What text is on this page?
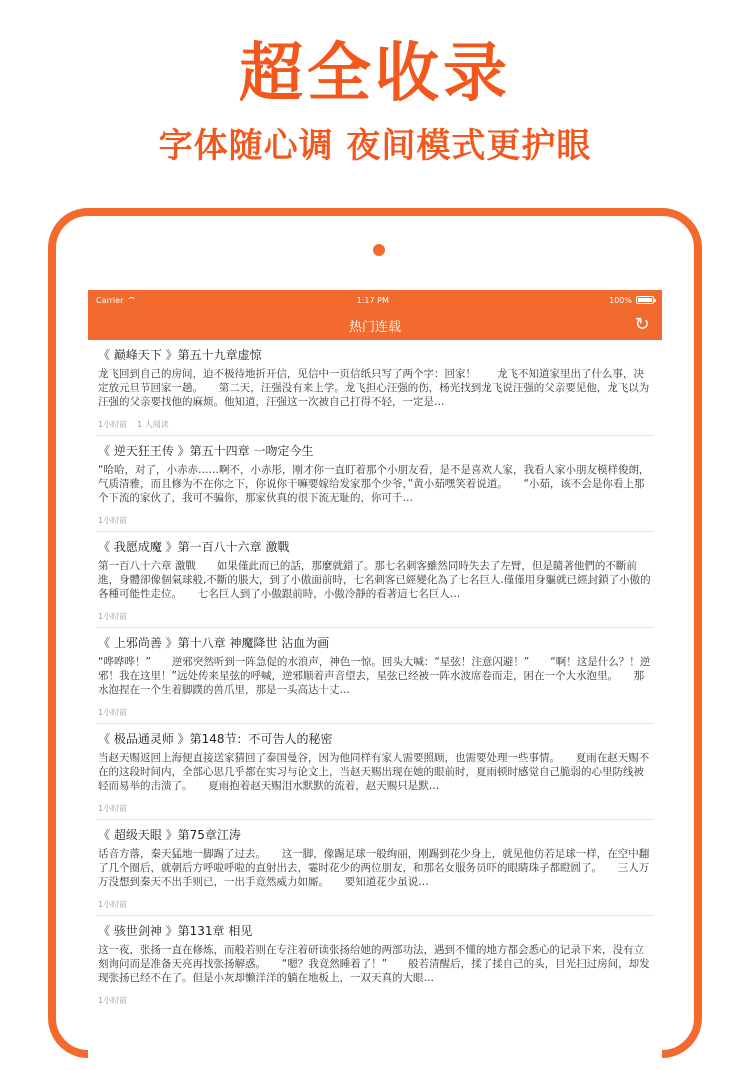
超全收录
字体随心调 夜间模式更护眼
Carrier	1:17 PM	100%
热门连载	↻
《 巅峰天下 》第五十九章虚惊
龙飞回到自己的房间，迫不极待地折开信，见信中一页信纸只写了两个字：回家！　　龙飞不知道家里出了什么事，决定放元旦节回家一趟。　　第二天，汪强没有来上学。龙飞担心汪强的伤，杨光找到龙飞说汪强的父亲要见他，龙飞以为汪强的父亲要找他的麻烦。他知道，汪强这一次被自己打得不轻，一定是…
1小时前 1 人阅读
《 逆天狂王传 》第五十四章 一吻定今生
“哈哈，对了，小赤赤……啊不，小赤彤，刚才你一直盯着那个小朋友看，是不是喜欢人家，我看人家小朋友模样俊朗，气质清雅，而且修为不在你之下，你说你干嘛要嫁给发家那个少爷，”黄小茹嘿笑着说道。　　“小茹，该不会是你看上那个下流的家伙了，我可不骗你，那家伙真的很下流无耻的，你可千…
1小时前
《 我愿成魔 》第一百八十六章 激戰
第一百八十六章 激戰　　如果僅此而已的話，那麼就錯了。那七名刺客雖然同時失去了左臂，但是隨著他們的不斷前進，身體卻像個氣球般,不斷的脹大，到了小傲面前時，七名刺客已經變化為了七名巨人.僅僅用身軀就已經封鎖了小傲的各種可能性走位。　　七名巨人到了小傲跟前時，小傲冷靜的看著這七名巨人…
1小时前
《 上邪尚善 》第十八章 神魔降世 沾血为画
“哗哗哗！”　　逆邪突然听到一阵急促的水浪声，神色一惊。回头大喊：“星弦！注意闪避！”　　“啊！这是什么？！逆邪！我在这里！”远处传来星弦的呼喊，逆邪顺着声音望去，星弦已经被一阵水波席卷而走，困在一个大水泡里。　　那水泡捏在一个生着脚蹼的兽爪里，那是一头高达十丈…
1小时前
《 极品通灵师 》第148节：不可告人的秘密
当赵天赐返回上海便直接送家猜回了泰国曼谷，因为他同样有家人需要照顾，也需要处理一些事情。　　夏雨在赵天赐不在的这段时间内，全部心思几乎都在实习与论文上，当赵天赐出现在她的眼前时，夏雨顿时感觉自己脆弱的心里防线被轻而易举的击溃了。　　夏雨抱着赵天赐泪水默默的流着，赵天赐只是默…
1小时前
《 超级天眼 》第75章江涛
话音方落，秦天猛地一脚踢了过去。　　这一脚，像踢足球一般绚丽，刚踢到花少身上，就见他仿若足球一样，在空中翻了几个圈后，就朝后方呼啦呼啦的直射出去，霎时花少的两位朋友，和那名女服务员吓的眼睛珠子都瞪圆了。　　三人万万没想到秦天不出手则已，一出手竟然威力如厮。　　要知道花少虽说…
1小时前
《 骇世剑神 》第131章 相见
这一夜，张扬一直在修炼，而般若则在专注着研读张扬给她的两部功法，遇到不懂的地方都会悉心的记录下来，没有立刻询问而是准备天亮再找张扬解惑。　　“嗯？我竟然睡着了！”　　般若清醒后，揉了揉自己的头，目光扫过房间，却发现张扬已经不在了。但是小灰却懒洋洋的躺在地板上，一双天真的大眼…
1小时前
